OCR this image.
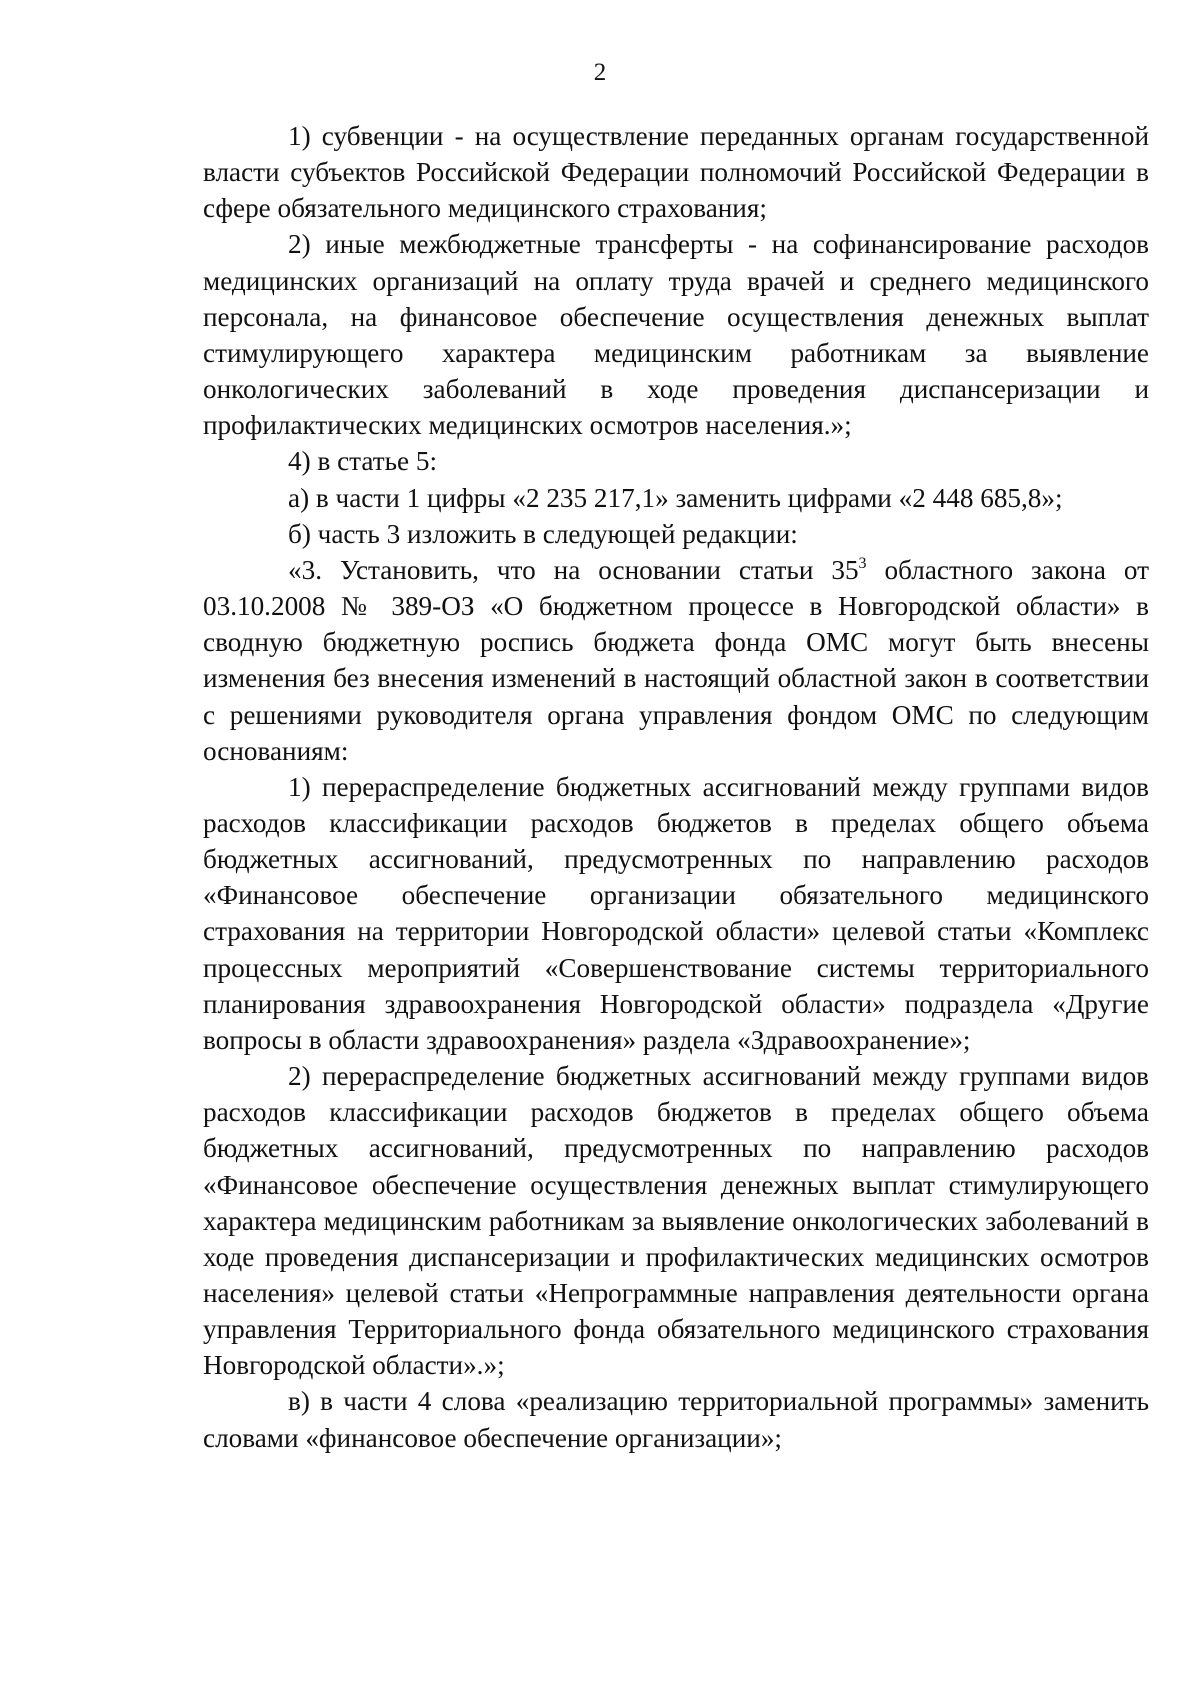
2

1) субвенции - на осуществление переданных органам государственной власти субъектов Российской Федерации полномочий Российской Федерации в сфере обязательного медицинского страхования;

2) иные межбюджетные трансферты - на софинансирование расходов медицинских организаций на оплату труда врачей и среднего медицинского персонала, на финансовое обеспечение осуществления денежных выплат стимулирующего характера медицинским работникам за выявление онкологических заболеваний в ходе проведения диспансеризации и профилактических медицинских осмотров населения.»;

4) в статье 5:

а) в части 1 цифры «2 235 217,1» заменить цифрами «2 448 685,8»;

б) часть 3 изложить в следующей редакции:

«3. Установить, что на основании статьи $35^3$ областного закона от 03.10.2008 № 389-ОЗ «О бюджетном процессе в Новгородской области» в сводную бюджетную роспись бюджета фонда ОМС могут быть внесены изменения без внесения изменений в настоящий областной закон в соответствии с решениями руководителя органа управления фондом ОМС по следующим основаниям:

1) перераспределение бюджетных ассигнований между группами видов расходов классификации расходов бюджетов в пределах общего объема бюджетных ассигнований, предусмотренных по направлению расходов «Финансовое обеспечение организации обязательного медицинского страхования на территории Новгородской области» целевой статьи «Комплекс процессных мероприятий «Совершенствование системы территориального планирования здравоохранения Новгородской области» подраздела «Другие вопросы в области здравоохранения» раздела «Здравоохранение»;

2) перераспределение бюджетных ассигнований между группами видов расходов классификации расходов бюджетов в пределах общего объема бюджетных ассигнований, предусмотренных по направлению расходов «Финансовое обеспечение осуществления денежных выплат стимулирующего характера медицинским работникам за выявление онкологических заболеваний в ходе проведения диспансеризации и профилактических медицинских осмотров населения» целевой статьи «Непрограммные направления деятельности органа управления Территориального фонда обязательного медицинского страхования Новгородской области».»;

в) в части 4 слова «реализацию территориальной программы» заменить словами «финансовое обеспечение организации»;
